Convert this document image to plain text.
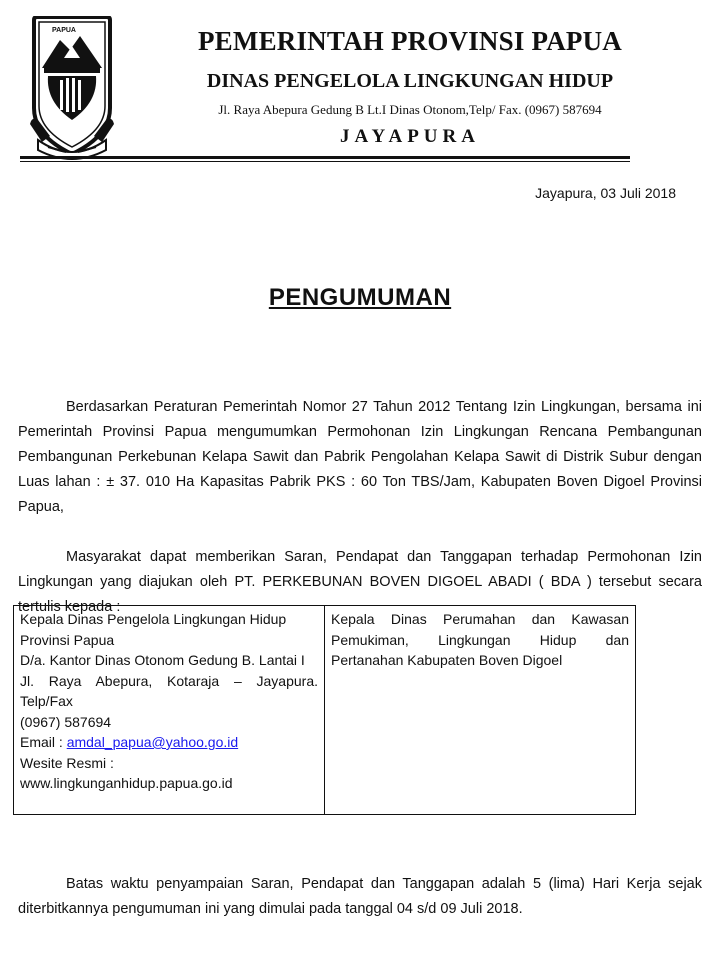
PAPUA	PEMERINTAH PROVINSI PAPUA
DINAS PENGELOLA LINGKUNGAN HIDUP
Jl. Raya Abepura Gedung B Lt.I Dinas Otonom,Telp/ Fax. (0967) 587694
JAYAPURA
Jayapura, 03 Juli 2018
PENGUMUMAN
Berdasarkan Peraturan Pemerintah Nomor 27 Tahun 2012 Tentang Izin Lingkungan, bersama ini Pemerintah Provinsi Papua mengumumkan Permohonan Izin Lingkungan Rencana Pembangunan Pembangunan Perkebunan Kelapa Sawit dan Pabrik Pengolahan Kelapa Sawit di Distrik Subur dengan Luas lahan : ± 37. 010 Ha Kapasitas Pabrik PKS : 60 Ton TBS/Jam, Kabupaten Boven Digoel Provinsi Papua,
Masyarakat dapat memberikan Saran, Pendapat dan Tanggapan terhadap Permohonan Izin Lingkungan yang diajukan oleh PT. PERKEBUNAN BOVEN DIGOEL ABADI ( BDA ) tersebut secara tertulis kepada :
Kepala Dinas Pengelola Lingkungan Hidup
Provinsi Papua
D/a. Kantor Dinas Otonom Gedung B. Lantai I
Jl. Raya Abepura, Kotaraja – Jayapura. Telp/Fax
(0967) 587694
Email : amdal_papua@yahoo.go.id
Wesite Resmi : www.lingkunganhidup.papua.go.id
Kepala Dinas Perumahan dan Kawasan Pemukiman, Lingkungan Hidup dan Pertanahan Kabupaten Boven Digoel
Batas waktu penyampaian Saran, Pendapat dan Tanggapan adalah 5 (lima) Hari Kerja sejak diterbitkannya pengumuman ini yang dimulai pada tanggal 04 s/d 09 Juli 2018.
